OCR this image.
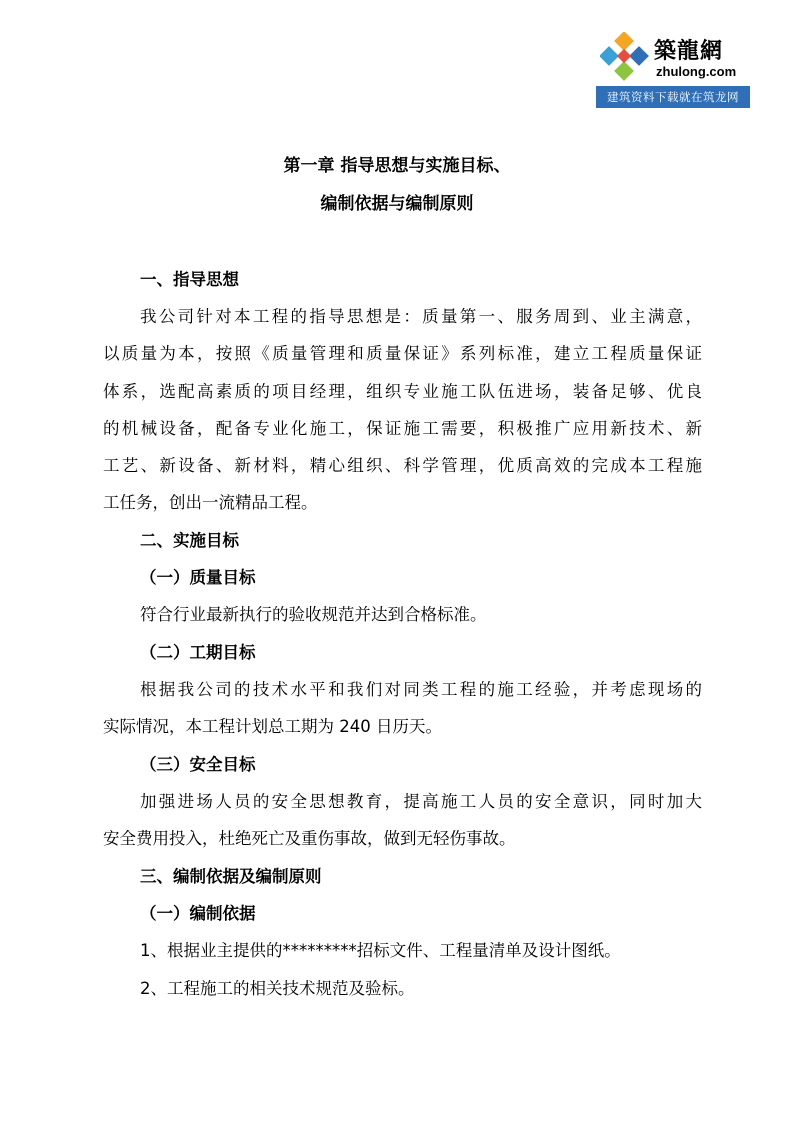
築龍網
zhulong.com
建筑资料下载就在筑龙网
第一章 指导思想与实施目标、
编制依据与编制原则
一、指导思想
我公司针对本工程的指导思想是：质量第一、服务周到、业主满意，
以质量为本，按照《质量管理和质量保证》系列标准，建立工程质量保证
体系，选配高素质的项目经理，组织专业施工队伍进场，装备足够、优良
的机械设备，配备专业化施工，保证施工需要，积极推广应用新技术、新
工艺、新设备、新材料，精心组织、科学管理，优质高效的完成本工程施
工任务，创出一流精品工程。
二、实施目标
（一）质量目标
符合行业最新执行的验收规范并达到合格标准。
（二）工期目标
根据我公司的技术水平和我们对同类工程的施工经验，并考虑现场的
实际情况，本工程计划总工期为 240 日历天。
（三）安全目标
加强进场人员的安全思想教育，提高施工人员的安全意识，同时加大
安全费用投入，杜绝死亡及重伤事故，做到无轻伤事故。
三、编制依据及编制原则
（一）编制依据
1、根据业主提供的*********招标文件、工程量清单及设计图纸。
2、工程施工的相关技术规范及验标。
